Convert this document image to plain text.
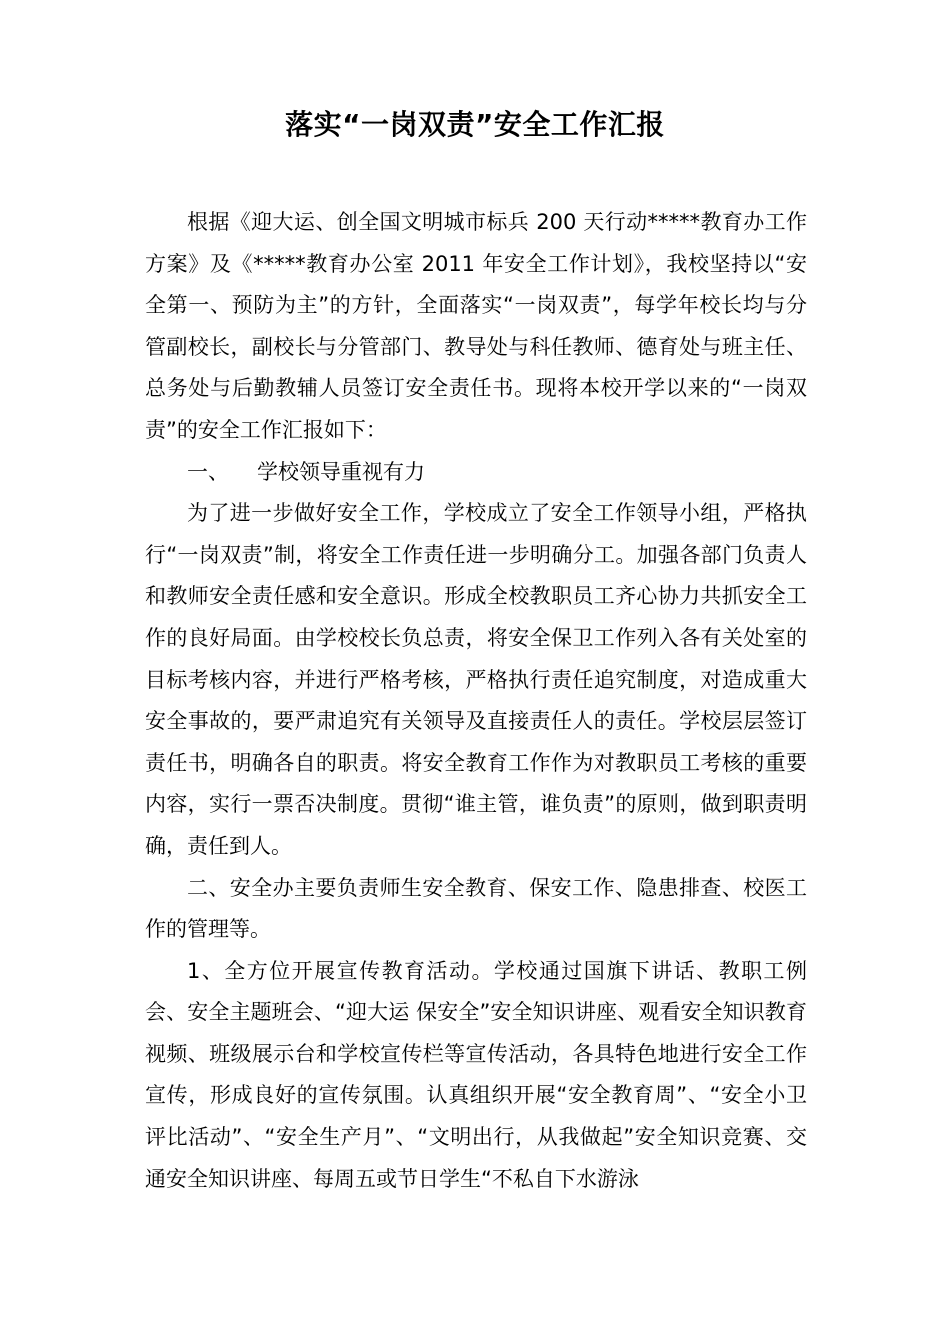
落实“一岗双责”安全工作汇报

根据《迎大运、创全国文明城市标兵 200 天行动*****教育办工作方案》及《*****教育办公室 2011 年安全工作计划》，我校坚持以“安全第一、预防为主”的方针，全面落实“一岗双责”，每学年校长均与分管副校长，副校长与分管部门、教导处与科任教师、德育处与班主任、总务处与后勤教辅人员签订安全责任书。现将本校开学以来的“一岗双责”的安全工作汇报如下：

一、 学校领导重视有力

为了进一步做好安全工作，学校成立了安全工作领导小组，严格执行“一岗双责”制，将安全工作责任进一步明确分工。加强各部门负责人和教师安全责任感和安全意识。形成全校教职员工齐心协力共抓安全工作的良好局面。由学校校长负总责，将安全保卫工作列入各有关处室的目标考核内容，并进行严格考核，严格执行责任追究制度，对造成重大安全事故的，要严肃追究有关领导及直接责任人的责任。学校层层签订责任书，明确各自的职责。将安全教育工作作为对教职员工考核的重要内容，实行一票否决制度。贯彻“谁主管，谁负责”的原则，做到职责明确，责任到人。

二、安全办主要负责师生安全教育、保安工作、隐患排查、校医工作的管理等。

1、全方位开展宣传教育活动。学校通过国旗下讲话、教职工例会、安全主题班会、“迎大运 保安全”安全知识讲座、观看安全知识教育视频、班级展示台和学校宣传栏等宣传活动，各具特色地进行安全工作宣传，形成良好的宣传氛围。认真组织开展“安全教育周”、“安全小卫评比活动”、“安全生产月”、“文明出行，从我做起”安全知识竞赛、交通安全知识讲座、每周五或节日学生“不私自下水游泳
